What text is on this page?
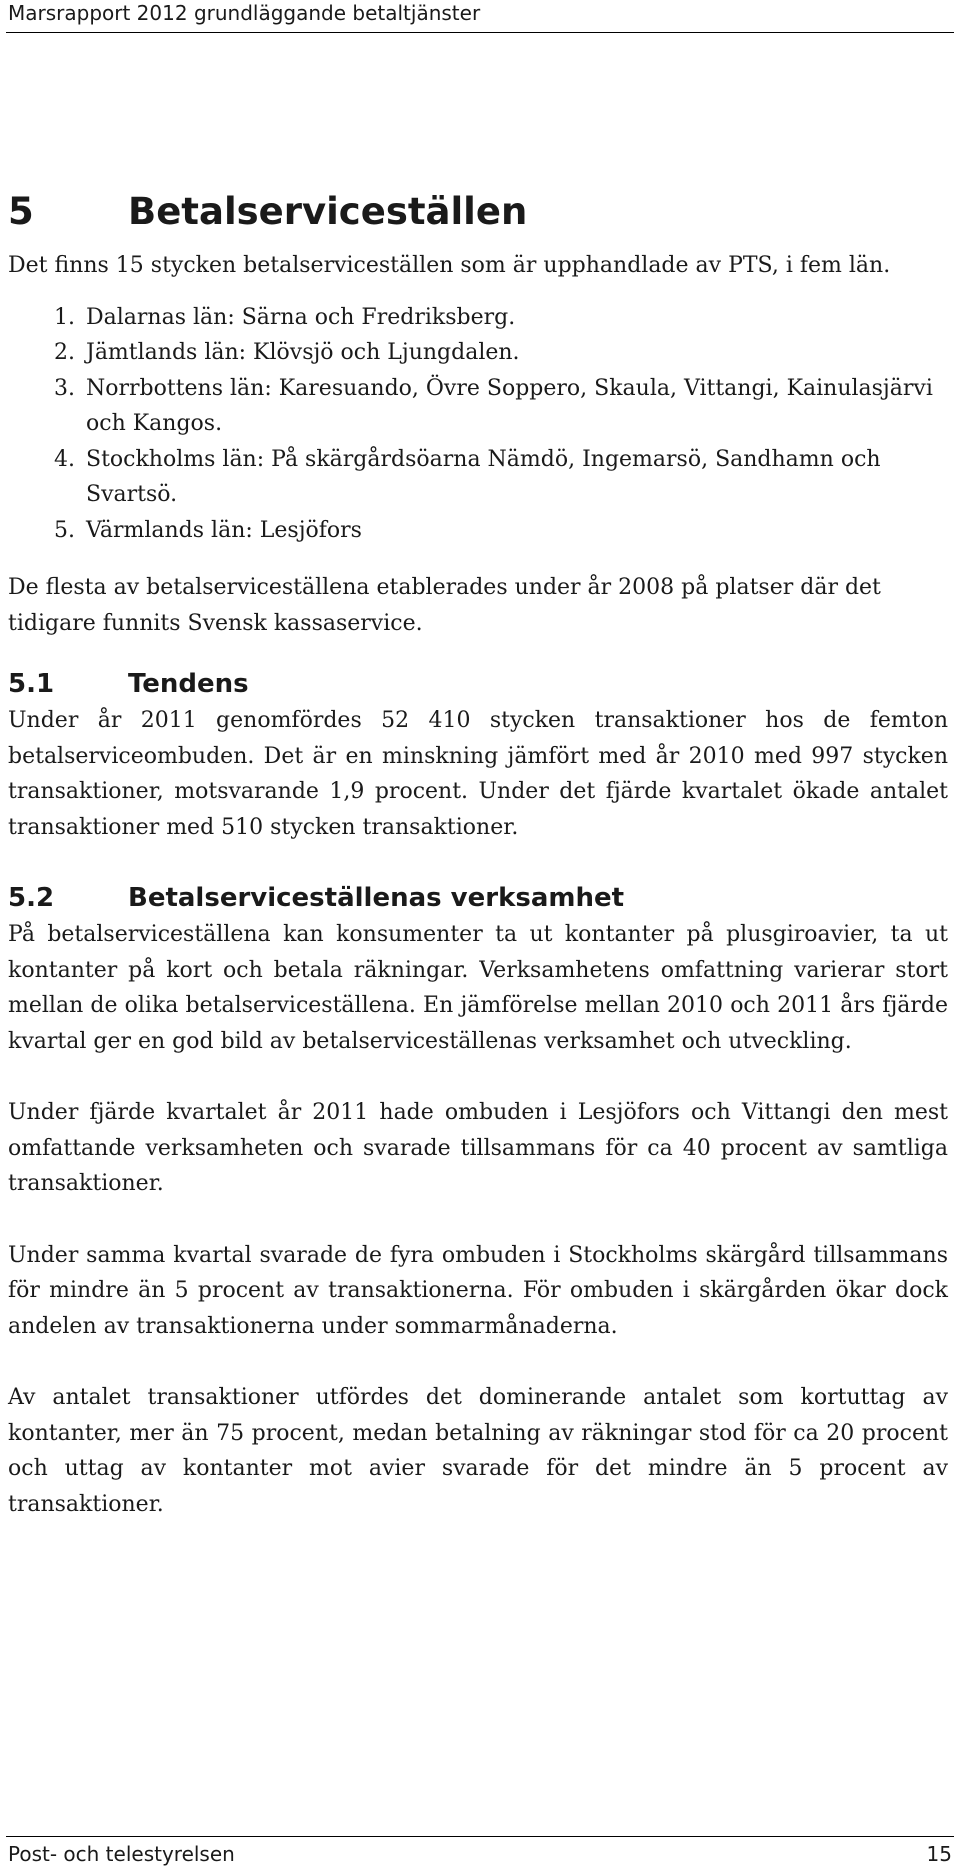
Marsrapport 2012 grundläggande betaltjänster
5	Betalserviceställen

Det finns 15 stycken betalserviceställen som är upphandlade av PTS, i fem län.

1. Dalarnas län: Särna och Fredriksberg.
2. Jämtlands län: Klövsjö och Ljungdalen.
3. Norrbottens län: Karesuando, Övre Soppero, Skaula, Vittangi, Kainulasjärvi och Kangos.
4. Stockholms län: På skärgårdsöarna Nämdö, Ingemarsö, Sandhamn och Svartsö.
5. Värmlands län: Lesjöfors

De flesta av betalserviceställena etablerades under år 2008 på platser där det tidigare funnits Svensk kassaservice.

5.1	Tendens

Under år 2011 genomfördes 52 410 stycken transaktioner hos de femton betalserviceombuden. Det är en minskning jämfört med år 2010 med 997 stycken transaktioner, motsvarande 1,9 procent. Under det fjärde kvartalet ökade antalet transaktioner med 510 stycken transaktioner.

5.2	Betalserviceställenas verksamhet

På betalserviceställena kan konsumenter ta ut kontanter på plusgiroavier, ta ut kontanter på kort och betala räkningar. Verksamhetens omfattning varierar stort mellan de olika betalserviceställena. En jämförelse mellan 2010 och 2011 års fjärde kvartal ger en god bild av betalserviceställenas verksamhet och utveckling.

Under fjärde kvartalet år 2011 hade ombuden i Lesjöfors och Vittangi den mest omfattande verksamheten och svarade tillsammans för ca 40 procent av samtliga transaktioner.

Under samma kvartal svarade de fyra ombuden i Stockholms skärgård tillsammans för mindre än 5 procent av transaktionerna. För ombuden i skärgården ökar dock andelen av transaktionerna under sommarmånaderna.

Av antalet transaktioner utfördes det dominerande antalet som kortuttag av kontanter, mer än 75 procent, medan betalning av räkningar stod för ca 20 procent och uttag av kontanter mot avier svarade för det mindre än 5 procent av transaktioner.

Post- och telestyrelsen	15
